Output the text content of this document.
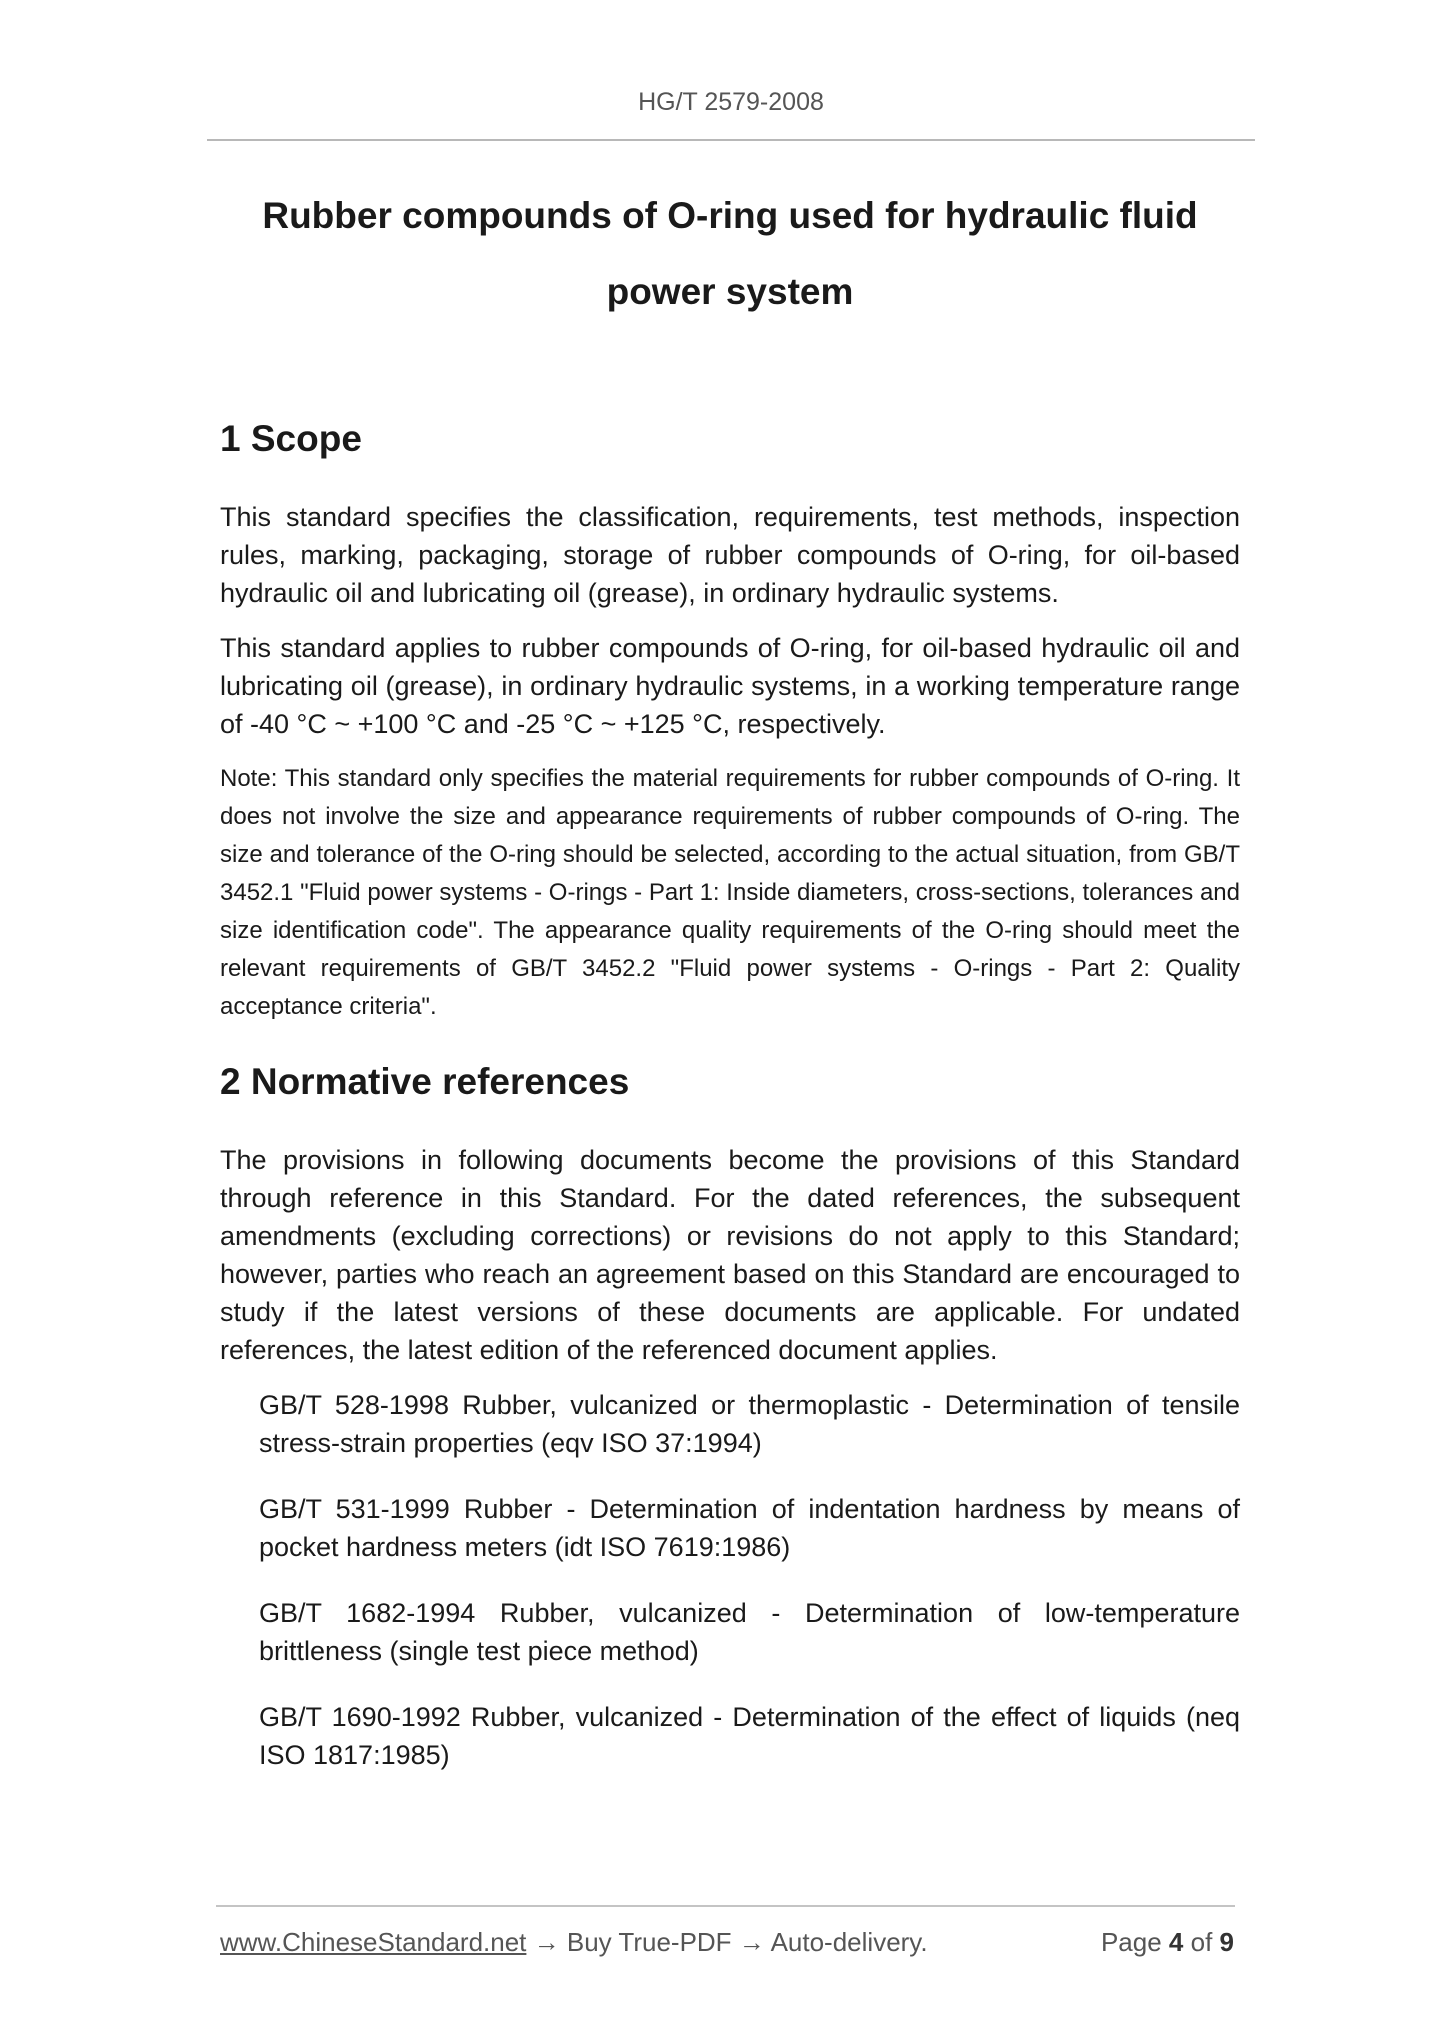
HG/T 2579-2008
Rubber compounds of O-ring used for hydraulic fluid
power system
1 Scope

This standard specifies the classification, requirements, test methods, inspection rules, marking, packaging, storage of rubber compounds of O-ring, for oil-based hydraulic oil and lubricating oil (grease), in ordinary hydraulic systems.

This standard applies to rubber compounds of O-ring, for oil-based hydraulic oil and lubricating oil (grease), in ordinary hydraulic systems, in a working temperature range of -40 °C ~ +100 °C and -25 °C ~ +125 °C, respectively.

Note: This standard only specifies the material requirements for rubber compounds of O-ring. It does not involve the size and appearance requirements of rubber compounds of O-ring. The size and tolerance of the O-ring should be selected, according to the actual situation, from GB/T 3452.1 "Fluid power systems - O-rings - Part 1: Inside diameters, cross-sections, tolerances and size identification code". The appearance quality requirements of the O-ring should meet the relevant requirements of GB/T 3452.2 "Fluid power systems - O-rings - Part 2: Quality acceptance criteria".

2 Normative references

The provisions in following documents become the provisions of this Standard through reference in this Standard. For the dated references, the subsequent amendments (excluding corrections) or revisions do not apply to this Standard; however, parties who reach an agreement based on this Standard are encouraged to study if the latest versions of these documents are applicable. For undated references, the latest edition of the referenced document applies.

GB/T 528-1998 Rubber, vulcanized or thermoplastic - Determination of tensile stress-strain properties (eqv ISO 37:1994)

GB/T 531-1999 Rubber - Determination of indentation hardness by means of pocket hardness meters (idt ISO 7619:1986)

GB/T 1682-1994 Rubber, vulcanized - Determination of low-temperature brittleness (single test piece method)

GB/T 1690-1992 Rubber, vulcanized - Determination of the effect of liquids (neq ISO 1817:1985)

www.ChineseStandard.net → Buy True-PDF → Auto-delivery.	Page 4 of 9
